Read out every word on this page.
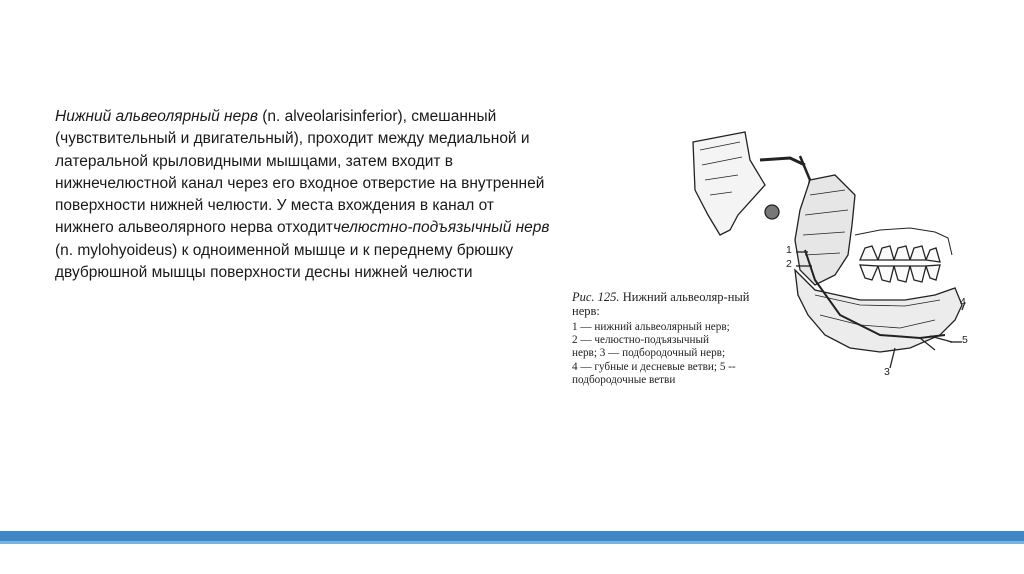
Нижний альвеолярный нерв (n. alveolarisinferior), смешанный (чувствительный и двигательный), проходит между медиальной и латеральной крыловидными мышцами, затем входит в нижнечелюстной канал через его входное отверстие на внутренней поверхности нижней челюсти. У места вхождения в канал от нижнего альвеолярного нерва отходитчелюстно-подъязычный нерв (n. mylohyoideus) к одноименной мышце и к переднему брюшку двубрюшной мышцы поверхности десны нижней челюсти

1
2
3
4
5
Рис. 125. Нижний альвеоляр-ный нерв:
1 — нижний альвеолярный нерв;
2 — челюстно-подъязычный
нерв; 3 — подбородочный нерв;
4 — губные и десневые ветви; 5 --
подбородочные ветви
